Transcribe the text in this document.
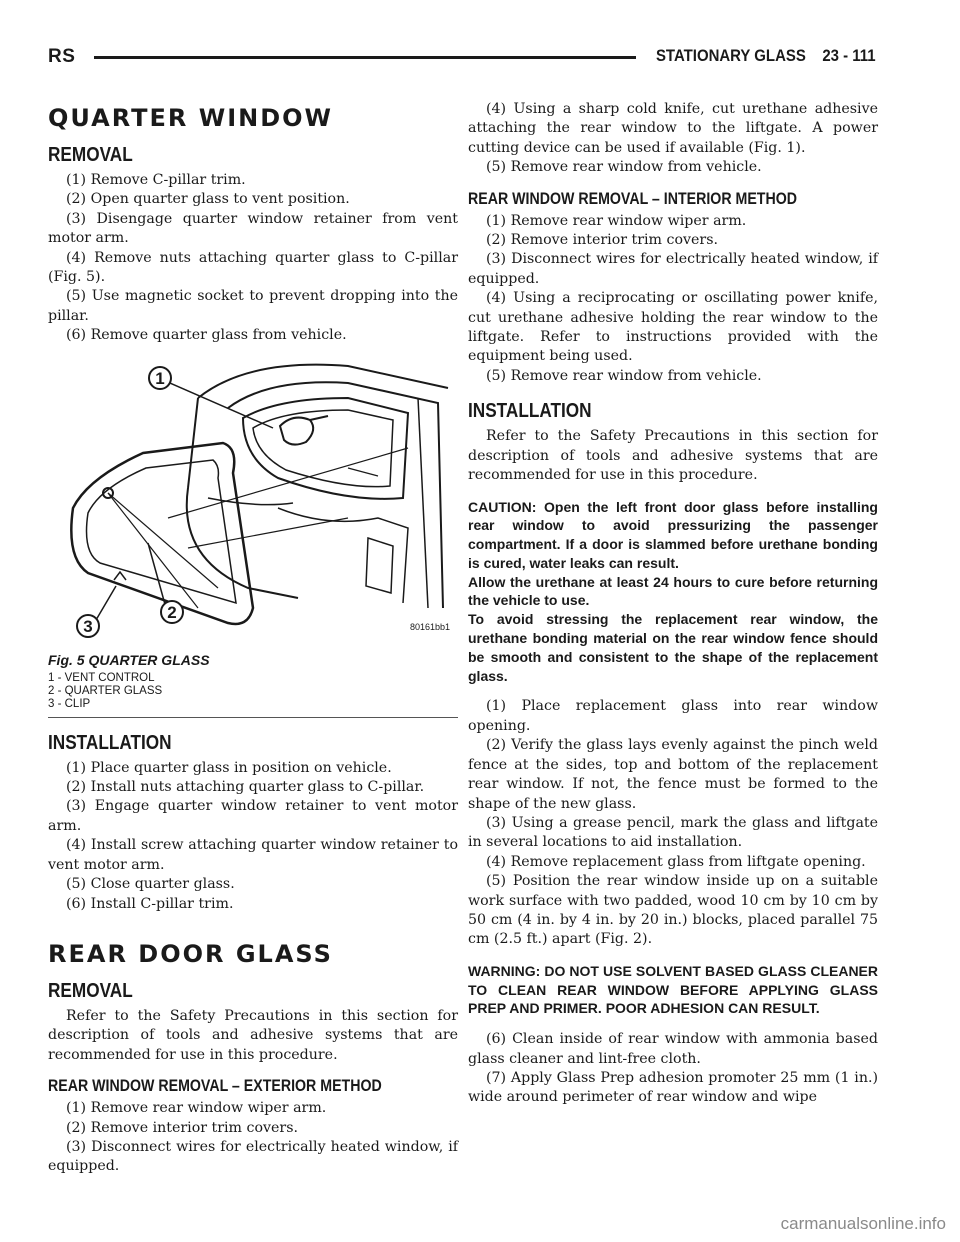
RS	STATIONARY GLASS 23 - 111
QUARTER WINDOW
REMOVAL

(1) Remove C-pillar trim.

(2) Open quarter glass to vent position.

(3) Disengage quarter window retainer from vent motor arm.

(4) Remove nuts attaching quarter glass to C-pillar (Fig. 5).

(5) Use magnetic socket to prevent dropping into the pillar.

(6) Remove quarter glass from vehicle.

1
2
3	80161bb1
Fig. 5 QUARTER GLASS
1 - VENT CONTROL
2 - QUARTER GLASS
3 - CLIP
INSTALLATION

(1) Place quarter glass in position on vehicle.

(2) Install nuts attaching quarter glass to C-pillar.

(3) Engage quarter window retainer to vent motor arm.

(4) Install screw attaching quarter window retainer to vent motor arm.

(5) Close quarter glass.

(6) Install C-pillar trim.

REAR DOOR GLASS
REMOVAL

Refer to the Safety Precautions in this section for description of tools and adhesive systems that are recommended for use in this procedure.

REAR WINDOW REMOVAL – EXTERIOR METHOD

(1) Remove rear window wiper arm.

(2) Remove interior trim covers.

(3) Disconnect wires for electrically heated window, if equipped.

(4) Using a sharp cold knife, cut urethane adhesive attaching the rear window to the liftgate. A power cutting device can be used if available (Fig. 1).

(5) Remove rear window from vehicle.

REAR WINDOW REMOVAL – INTERIOR METHOD

(1) Remove rear window wiper arm.

(2) Remove interior trim covers.

(3) Disconnect wires for electrically heated window, if equipped.

(4) Using a reciprocating or oscillating power knife, cut urethane adhesive holding the rear window to the liftgate. Refer to instructions provided with the equipment being used.

(5) Remove rear window from vehicle.

INSTALLATION

Refer to the Safety Precautions in this section for description of tools and adhesive systems that are recommended for use in this procedure.

CAUTION: Open the left front door glass before installing rear window to avoid pressurizing the passenger compartment. If a door is slammed before urethane bonding is cured, water leaks can result.

Allow the urethane at least 24 hours to cure before returning the vehicle to use.

To avoid stressing the replacement rear window, the urethane bonding material on the rear window fence should be smooth and consistent to the shape of the replacement glass.

(1) Place replacement glass into rear window opening.

(2) Verify the glass lays evenly against the pinch weld fence at the sides, top and bottom of the replacement rear window. If not, the fence must be formed to the shape of the new glass.

(3) Using a grease pencil, mark the glass and liftgate in several locations to aid installation.

(4) Remove replacement glass from liftgate opening.

(5) Position the rear window inside up on a suitable work surface with two padded, wood 10 cm by 10 cm by 50 cm (4 in. by 4 in. by 20 in.) blocks, placed parallel 75 cm (2.5 ft.) apart (Fig. 2).

WARNING: DO NOT USE SOLVENT BASED GLASS CLEANER TO CLEAN REAR WINDOW BEFORE APPLYING GLASS PREP AND PRIMER. POOR ADHESION CAN RESULT.

(6) Clean inside of rear window with ammonia based glass cleaner and lint-free cloth.

(7) Apply Glass Prep adhesion promoter 25 mm (1 in.) wide around perimeter of rear window and wipe

carmanualsonline.info
